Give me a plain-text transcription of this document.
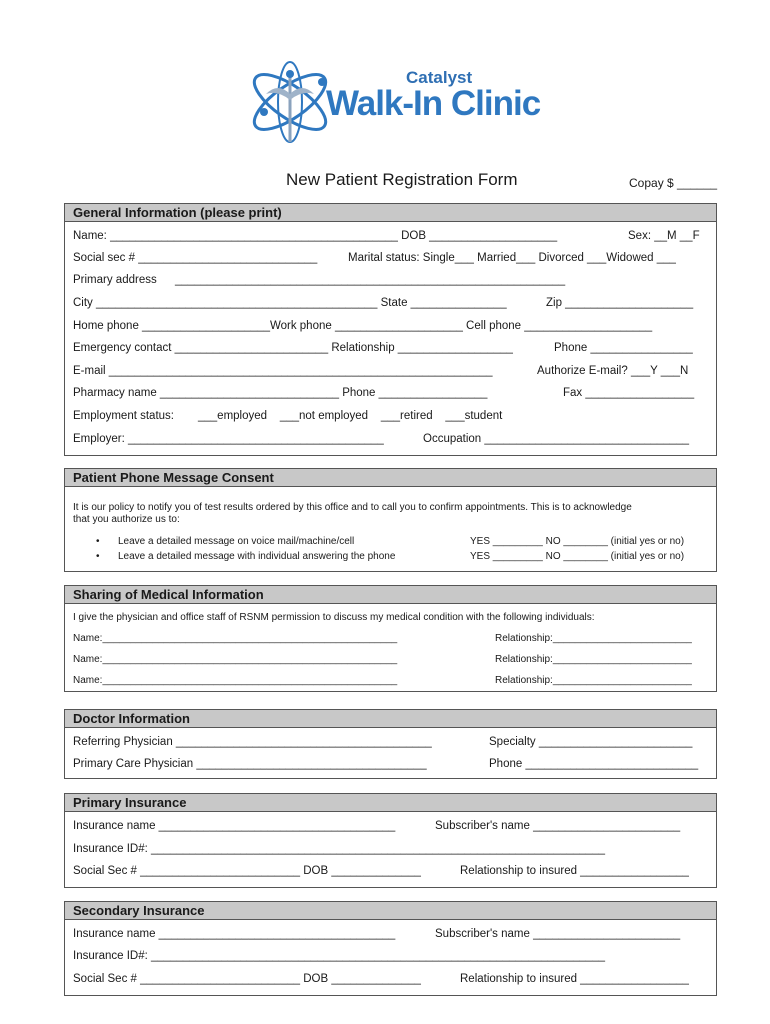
Catalyst
Walk-In Clinic
New Patient Registration Form	Copay $ ______
General Information (please print)
Name: _____________________________________________ DOB ____________________	Sex: __M __F
Social sec # ____________________________	Marital status: Single___ Married___ Divorced ___Widowed ___
Primary address _____________________________________________________________
City ____________________________________________ State _______________	Zip ____________________
Home phone ____________________Work phone ____________________ Cell phone ____________________
Emergency contact ________________________ Relationship __________________	Phone ________________
E-mail ____________________________________________________________	Authorize E-mail? ___Y ___N
Pharmacy name ____________________________ Phone _________________	Fax _________________
Employment status: ___employed    ___not employed    ___retired    ___student
Employer: ________________________________________	Occupation ________________________________
Patient Phone Message Consent
It is our policy to notify you of test results ordered by this office and to call you to confirm appointments. This is to acknowledge
that you authorize us to:
• Leave a detailed message on voice mail/machine/cell	YES _________ NO ________ (initial yes or no)
• Leave a detailed message with individual answering the phone	YES _________ NO ________ (initial yes or no)
Sharing of Medical Information
I give the physician and office staff of RSNM permission to discuss my medical condition with the following individuals:
Name:_____________________________________________________	Relationship:_________________________
Name:_____________________________________________________	Relationship:_________________________
Name:_____________________________________________________	Relationship:_________________________
Doctor Information
Referring Physician ________________________________________	Specialty ________________________
Primary Care Physician ____________________________________	Phone ___________________________
Primary Insurance
Insurance name _____________________________________	Subscriber's name _______________________
Insurance ID#: _______________________________________________________________________
Social Sec # _________________________ DOB ______________	Relationship to insured _________________
Secondary Insurance
Insurance name _____________________________________	Subscriber's name _______________________
Insurance ID#: _______________________________________________________________________
Social Sec # _________________________ DOB ______________	Relationship to insured _________________
